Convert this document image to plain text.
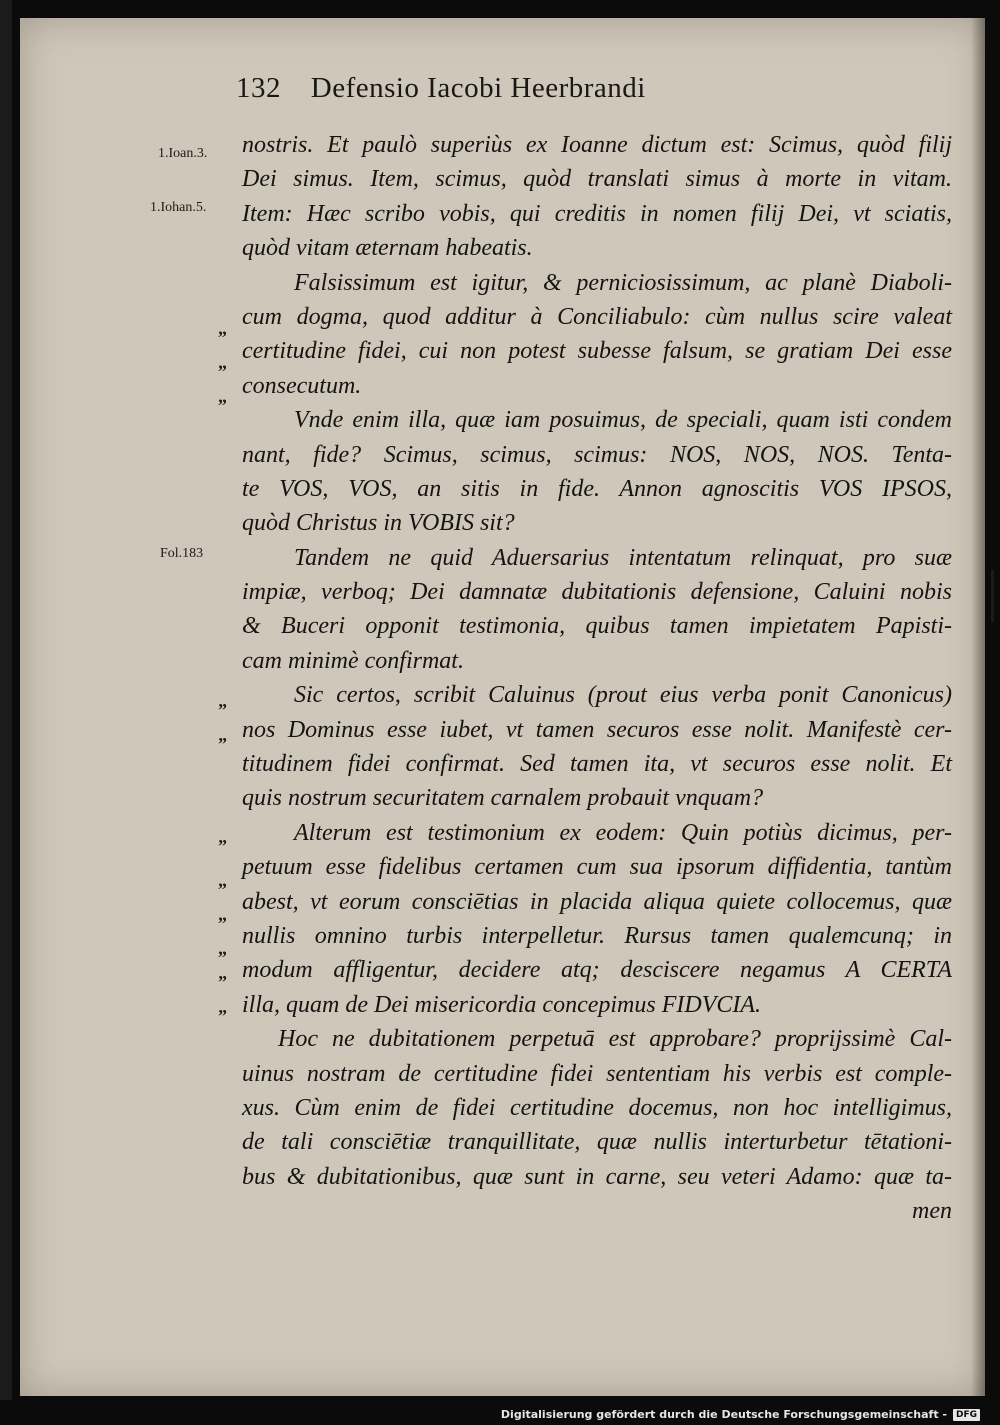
132 Defensio Iacobi Heerbrandi
1.Ioan.3.
1.Iohan.5.
Fol.183
„
„
„
”
”
”
„
„
„
”
”
nostris. Et paulò superiùs ex Ioanne dictum est: Scimus, quòd filij
Dei simus. Item, scimus, quòd translati simus à morte in vitam.
Item: Hæc scribo vobis, qui creditis in nomen filij Dei, vt sciatis,
quòd vitam æternam habeatis.
Falsissimum est igitur, & perniciosissimum, ac planè Diaboli-
cum dogma, quod additur à Conciliabulo: cùm nullus scire valeat
certitudine fidei, cui non potest subesse falsum, se gratiam Dei esse
consecutum.
Vnde enim illa, quæ iam posuimus, de speciali, quam isti condem
nant, fide? Scimus, scimus, scimus: NOS, NOS, NOS. Tenta-
te VOS, VOS, an sitis in fide. Annon agnoscitis VOS IPSOS,
quòd Christus in VOBIS sit?
Tandem ne quid Aduersarius intentatum relinquat, pro suæ
impiæ, verboq; Dei damnatæ dubitationis defensione, Caluini nobis
& Buceri opponit testimonia, quibus tamen impietatem Papisti-
cam minimè confirmat.
Sic certos, scribit Caluinus (prout eius verba ponit Canonicus)
nos Dominus esse iubet, vt tamen securos esse nolit. Manifestè cer-
titudinem fidei confirmat. Sed tamen ita, vt securos esse nolit. Et
quis nostrum securitatem carnalem probauit vnquam?
Alterum est testimonium ex eodem: Quin potiùs dicimus, per-
petuum esse fidelibus certamen cum sua ipsorum diffidentia, tantùm
abest, vt eorum consciētias in placida aliqua quiete collocemus, quæ
nullis omnino turbis interpelletur. Rursus tamen qualemcunq; in
modum affligentur, decidere atq; desciscere negamus A CERTA
illa, quam de Dei misericordia concepimus FIDVCIA.
Hoc ne dubitationem perpetuā est approbare? proprijssimè Cal-
uinus nostram de certitudine fidei sententiam his verbis est comple-
xus. Cùm enim de fidei certitudine docemus, non hoc intelligimus,
de tali consciētiæ tranquillitate, quæ nullis interturbetur tētationi-
bus & dubitationibus, quæ sunt in carne, seu veteri Adamo: quæ ta-
men
Digitalisierung gefördert durch die Deutsche Forschungsgemeinschaft -	DFG
